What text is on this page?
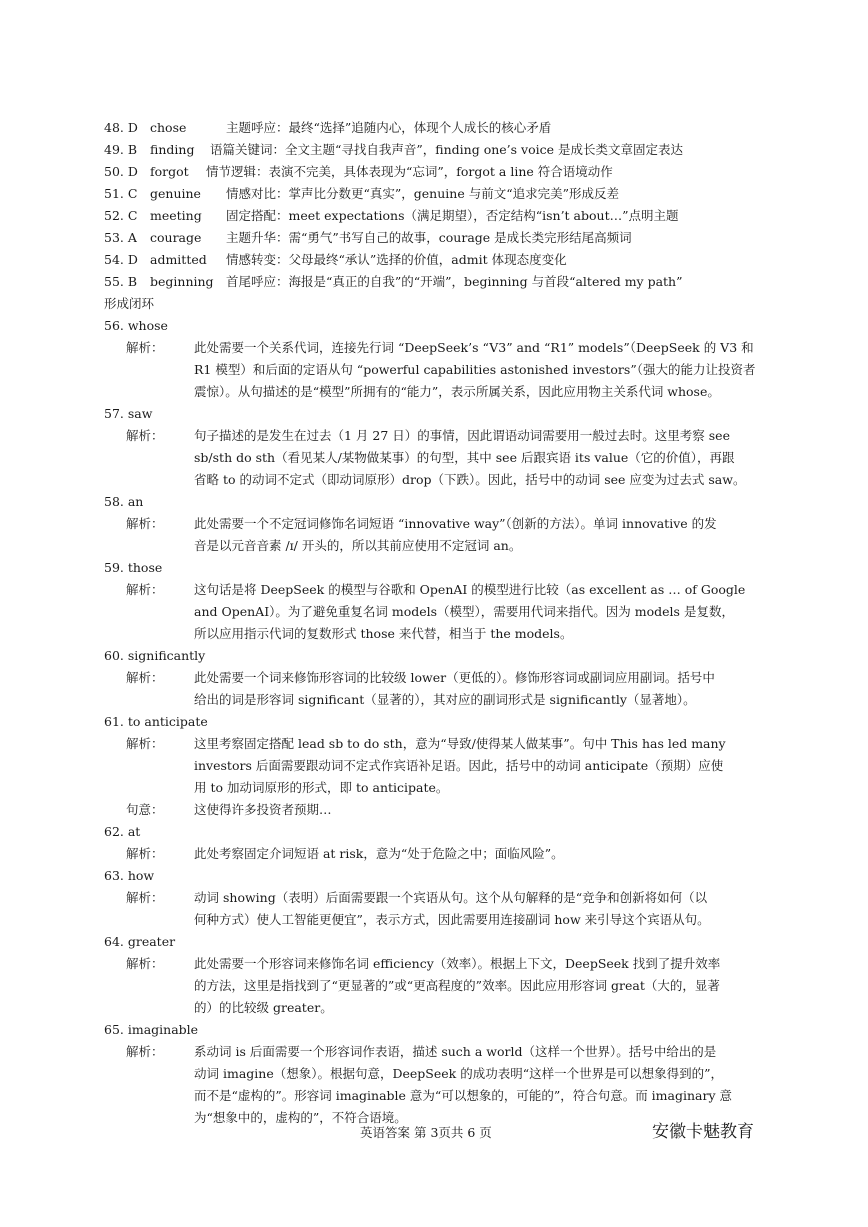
48. D chose	主题呼应：最终“选择”追随内心，体现个人成长的核心矛盾
49. B	finding	语篇关键词：全文主题“寻找自我声音”，finding one’s voice 是成长类文章固定表达
50. D forgot	情节逻辑：表演不完美，具体表现为“忘词”，forgot a line 符合语境动作
51. C	genuine	情感对比：掌声比分数更“真实”，genuine 与前文“追求完美”形成反差
52. C	meeting	固定搭配：meet expectations（满足期望），否定结构“isn’t about…”点明主题
53. A	courage	主题升华：需“勇气”书写自己的故事，courage 是成长类完形结尾高频词
54. D admitted	情感转变：父母最终“承认”选择的价值，admit 体现态度变化
55. B	beginning 首尾呼应：海报是“真正的自我”的“开端”，beginning 与首段“altered my path”
形成闭环
56. whose
解析：	此处需要一个关系代词，连接先行词 “DeepSeek’s “V3” and “R1” models”（DeepSeek 的 V3 和
R1 模型）和后面的定语从句 “powerful capabilities astonished investors”（强大的能力让投资者
震惊）。从句描述的是“模型”所拥有的“能力”，表示所属关系，因此应用物主关系代词 whose。
57. saw
解析：	句子描述的是发生在过去（1 月 27 日）的事情，因此谓语动词需要用一般过去时。这里考察 see
sb/sth do sth（看见某人/某物做某事）的句型，其中 see 后跟宾语 its value（它的价值），再跟
省略 to 的动词不定式（即动词原形）drop（下跌）。因此，括号中的动词 see 应变为过去式 saw。
58. an
解析：	此处需要一个不定冠词修饰名词短语 “innovative way”（创新的方法）。单词 innovative 的发
音是以元音音素 /ɪ/ 开头的，所以其前应使用不定冠词 an。
59. those
解析：	这句话是将 DeepSeek 的模型与谷歌和 OpenAI 的模型进行比较（as excellent as … of Google
and OpenAI）。为了避免重复名词 models（模型），需要用代词来指代。因为 models 是复数，
所以应用指示代词的复数形式 those 来代替，相当于 the models。
60. significantly
解析：	此处需要一个词来修饰形容词的比较级 lower（更低的）。修饰形容词或副词应用副词。括号中
给出的词是形容词 significant（显著的），其对应的副词形式是 significantly（显著地）。
61. to anticipate
解析：	这里考察固定搭配 lead sb to do sth，意为“导致/使得某人做某事”。句中 This has led many
investors 后面需要跟动词不定式作宾语补足语。因此，括号中的动词 anticipate（预期）应使
用 to 加动词原形的形式，即 to anticipate。
句意：	这使得许多投资者预期…
62. at
解析：	此处考察固定介词短语 at risk，意为“处于危险之中；面临风险”。
63. how
解析：	动词 showing（表明）后面需要跟一个宾语从句。这个从句解释的是“竞争和创新将如何（以
何种方式）使人工智能更便宜”，表示方式，因此需要用连接副词 how 来引导这个宾语从句。
64. greater
解析：	此处需要一个形容词来修饰名词 efficiency（效率）。根据上下文，DeepSeek 找到了提升效率
的方法，这里是指找到了“更显著的”或“更高程度的”效率。因此应用形容词 great（大的，显著
的）的比较级 greater。
65. imaginable
解析：	系动词 is 后面需要一个形容词作表语，描述 such a world（这样一个世界）。括号中给出的是
动词 imagine（想象）。根据句意，DeepSeek 的成功表明“这样一个世界是可以想象得到的”，
而不是“虚构的”。形容词 imaginable 意为“可以想象的，可能的”，符合句意。而 imaginary 意
为“想象中的，虚构的”，不符合语境。
英语答案 第 3页共 6 页	安徽卡魅教育
